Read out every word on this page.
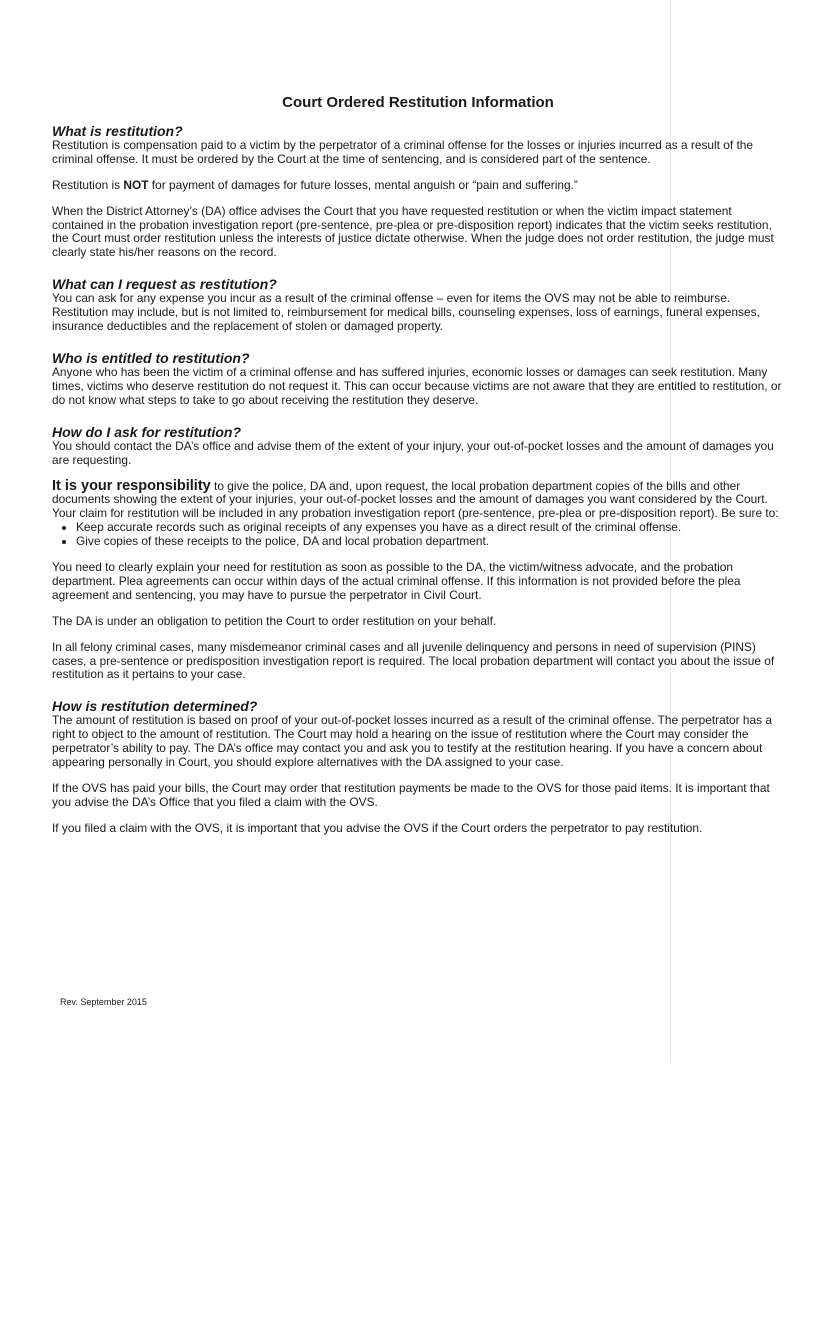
Court Ordered Restitution Information
What is restitution?

Restitution is compensation paid to a victim by the perpetrator of a criminal offense for the losses or injuries incurred as a result of the criminal offense. It must be ordered by the Court at the time of sentencing, and is considered part of the sentence.

Restitution is NOT for payment of damages for future losses, mental anguish or “pain and suffering.”

When the District Attorney’s (DA) office advises the Court that you have requested restitution or when the victim impact statement contained in the probation investigation report (pre-sentence, pre-plea or pre-disposition report) indicates that the victim seeks restitution, the Court must order restitution unless the interests of justice dictate otherwise. When the judge does not order restitution, the judge must clearly state his/her reasons on the record.

What can I request as restitution?

You can ask for any expense you incur as a result of the criminal offense – even for items the OVS may not be able to reimburse. Restitution may include, but is not limited to, reimbursement for medical bills, counseling expenses, loss of earnings, funeral expenses, insurance deductibles and the replacement of stolen or damaged property.

Who is entitled to restitution?

Anyone who has been the victim of a criminal offense and has suffered injuries, economic losses or damages can seek restitution. Many times, victims who deserve restitution do not request it. This can occur because victims are not aware that they are entitled to restitution, or do not know what steps to take to go about receiving the restitution they deserve.

How do I ask for restitution?

You should contact the DA’s office and advise them of the extent of your injury, your out-of-pocket losses and the amount of damages you are requesting.

It is your responsibility to give the police, DA and, upon request, the local probation department copies of the bills and other documents showing the extent of your injuries, your out-of-pocket losses and the amount of damages you want considered by the Court. Your claim for restitution will be included in any probation investigation report (pre-sentence, pre-plea or pre-disposition report). Be sure to:

• Keep accurate records such as original receipts of any expenses you have as a direct result of the criminal offense.
• Give copies of these receipts to the police, DA and local probation department.

You need to clearly explain your need for restitution as soon as possible to the DA, the victim/witness advocate, and the probation department. Plea agreements can occur within days of the actual criminal offense. If this information is not provided before the plea agreement and sentencing, you may have to pursue the perpetrator in Civil Court.

The DA is under an obligation to petition the Court to order restitution on your behalf.

In all felony criminal cases, many misdemeanor criminal cases and all juvenile delinquency and persons in need of supervision (PINS) cases, a pre-sentence or predisposition investigation report is required. The local probation department will contact you about the issue of restitution as it pertains to your case.

How is restitution determined?

The amount of restitution is based on proof of your out-of-pocket losses incurred as a result of the criminal offense. The perpetrator has a right to object to the amount of restitution. The Court may hold a hearing on the issue of restitution where the Court may consider the perpetrator’s ability to pay. The DA’s office may contact you and ask you to testify at the restitution hearing. If you have a concern about appearing personally in Court, you should explore alternatives with the DA assigned to your case.

If the OVS has paid your bills, the Court may order that restitution payments be made to the OVS for those paid items. It is important that you advise the DA’s Office that you filed a claim with the OVS.

If you filed a claim with the OVS, it is important that you advise the OVS if the Court orders the perpetrator to pay restitution.

Rev. September 2015
